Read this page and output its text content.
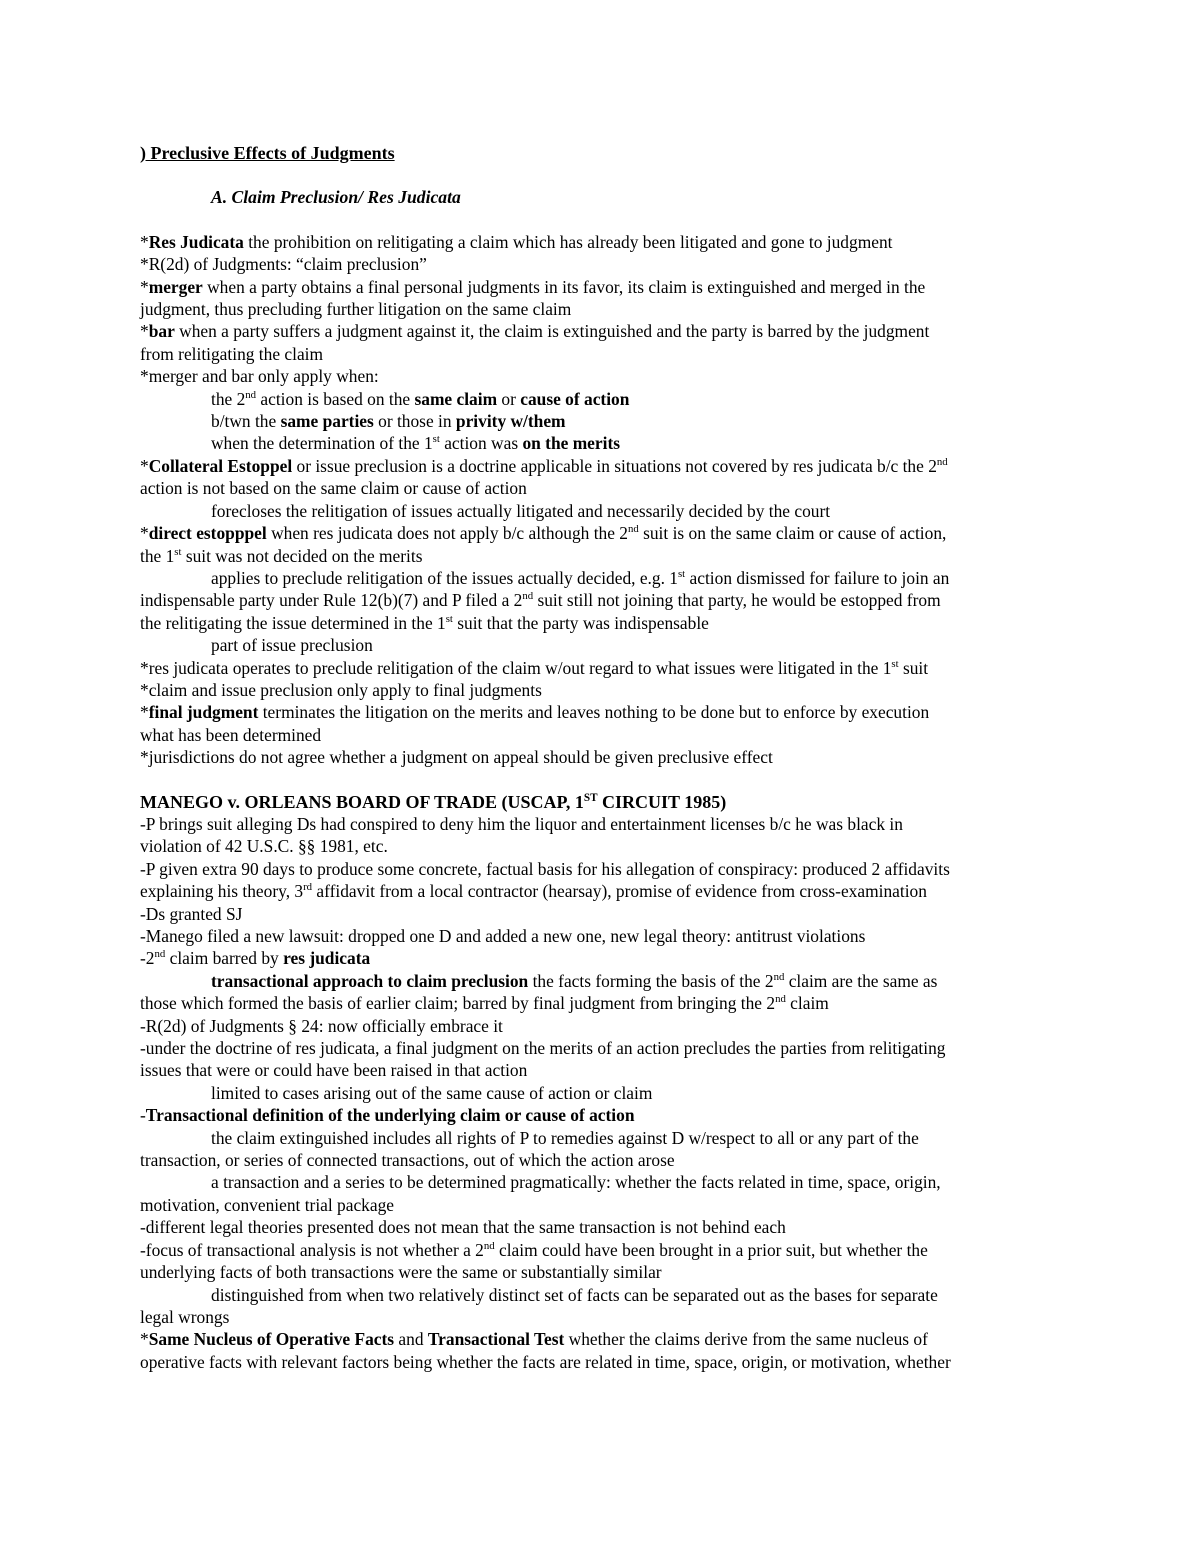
) Preclusive Effects of Judgments
A. Claim Preclusion/ Res Judicata
*Res Judicata the prohibition on relitigating a claim which has already been litigated and gone to judgment
*R(2d) of Judgments: “claim preclusion”
*merger when a party obtains a final personal judgments in its favor, its claim is extinguished and merged in the
judgment, thus precluding further litigation on the same claim
*bar when a party suffers a judgment against it, the claim is extinguished and the party is barred by the judgment
from relitigating the claim
*merger and bar only apply when:
the 2nd action is based on the same claim or cause of action
b/twn the same parties or those in privity w/them
when the determination of the 1st action was on the merits
*Collateral Estoppel or issue preclusion is a doctrine applicable in situations not covered by res judicata b/c the 2nd
action is not based on the same claim or cause of action
forecloses the relitigation of issues actually litigated and necessarily decided by the court
*direct estopppel when res judicata does not apply b/c although the 2nd suit is on the same claim or cause of action,
the 1st suit was not decided on the merits
applies to preclude relitigation of the issues actually decided, e.g. 1st action dismissed for failure to join an
indispensable party under Rule 12(b)(7) and P filed a 2nd suit still not joining that party, he would be estopped from
the relitigating the issue determined in the 1st suit that the party was indispensable
part of issue preclusion
*res judicata operates to preclude relitigation of the claim w/out regard to what issues were litigated in the 1st suit
*claim and issue preclusion only apply to final judgments
*final judgment terminates the litigation on the merits and leaves nothing to be done but to enforce by execution
what has been determined
*jurisdictions do not agree whether a judgment on appeal should be given preclusive effect
MANEGO v. ORLEANS BOARD OF TRADE (USCAP, 1ST CIRCUIT 1985)
-P brings suit alleging Ds had conspired to deny him the liquor and entertainment licenses b/c he was black in
violation of 42 U.S.C. §§ 1981, etc.
-P given extra 90 days to produce some concrete, factual basis for his allegation of conspiracy: produced 2 affidavits
explaining his theory, 3rd affidavit from a local contractor (hearsay), promise of evidence from cross-examination
-Ds granted SJ
-Manego filed a new lawsuit: dropped one D and added a new one, new legal theory: antitrust violations
-2nd claim barred by res judicata
transactional approach to claim preclusion the facts forming the basis of the 2nd claim are the same as
those which formed the basis of earlier claim; barred by final judgment from bringing the 2nd claim
-R(2d) of Judgments § 24: now officially embrace it
-under the doctrine of res judicata, a final judgment on the merits of an action precludes the parties from relitigating
issues that were or could have been raised in that action
limited to cases arising out of the same cause of action or claim
-Transactional definition of the underlying claim or cause of action
the claim extinguished includes all rights of P to remedies against D w/respect to all or any part of the
transaction, or series of connected transactions, out of which the action arose
a transaction and a series to be determined pragmatically: whether the facts related in time, space, origin,
motivation, convenient trial package
-different legal theories presented does not mean that the same transaction is not behind each
-focus of transactional analysis is not whether a 2nd claim could have been brought in a prior suit, but whether the
underlying facts of both transactions were the same or substantially similar
distinguished from when two relatively distinct set of facts can be separated out as the bases for separate
legal wrongs
*Same Nucleus of Operative Facts and Transactional Test whether the claims derive from the same nucleus of
operative facts with relevant factors being whether the facts are related in time, space, origin, or motivation, whether
